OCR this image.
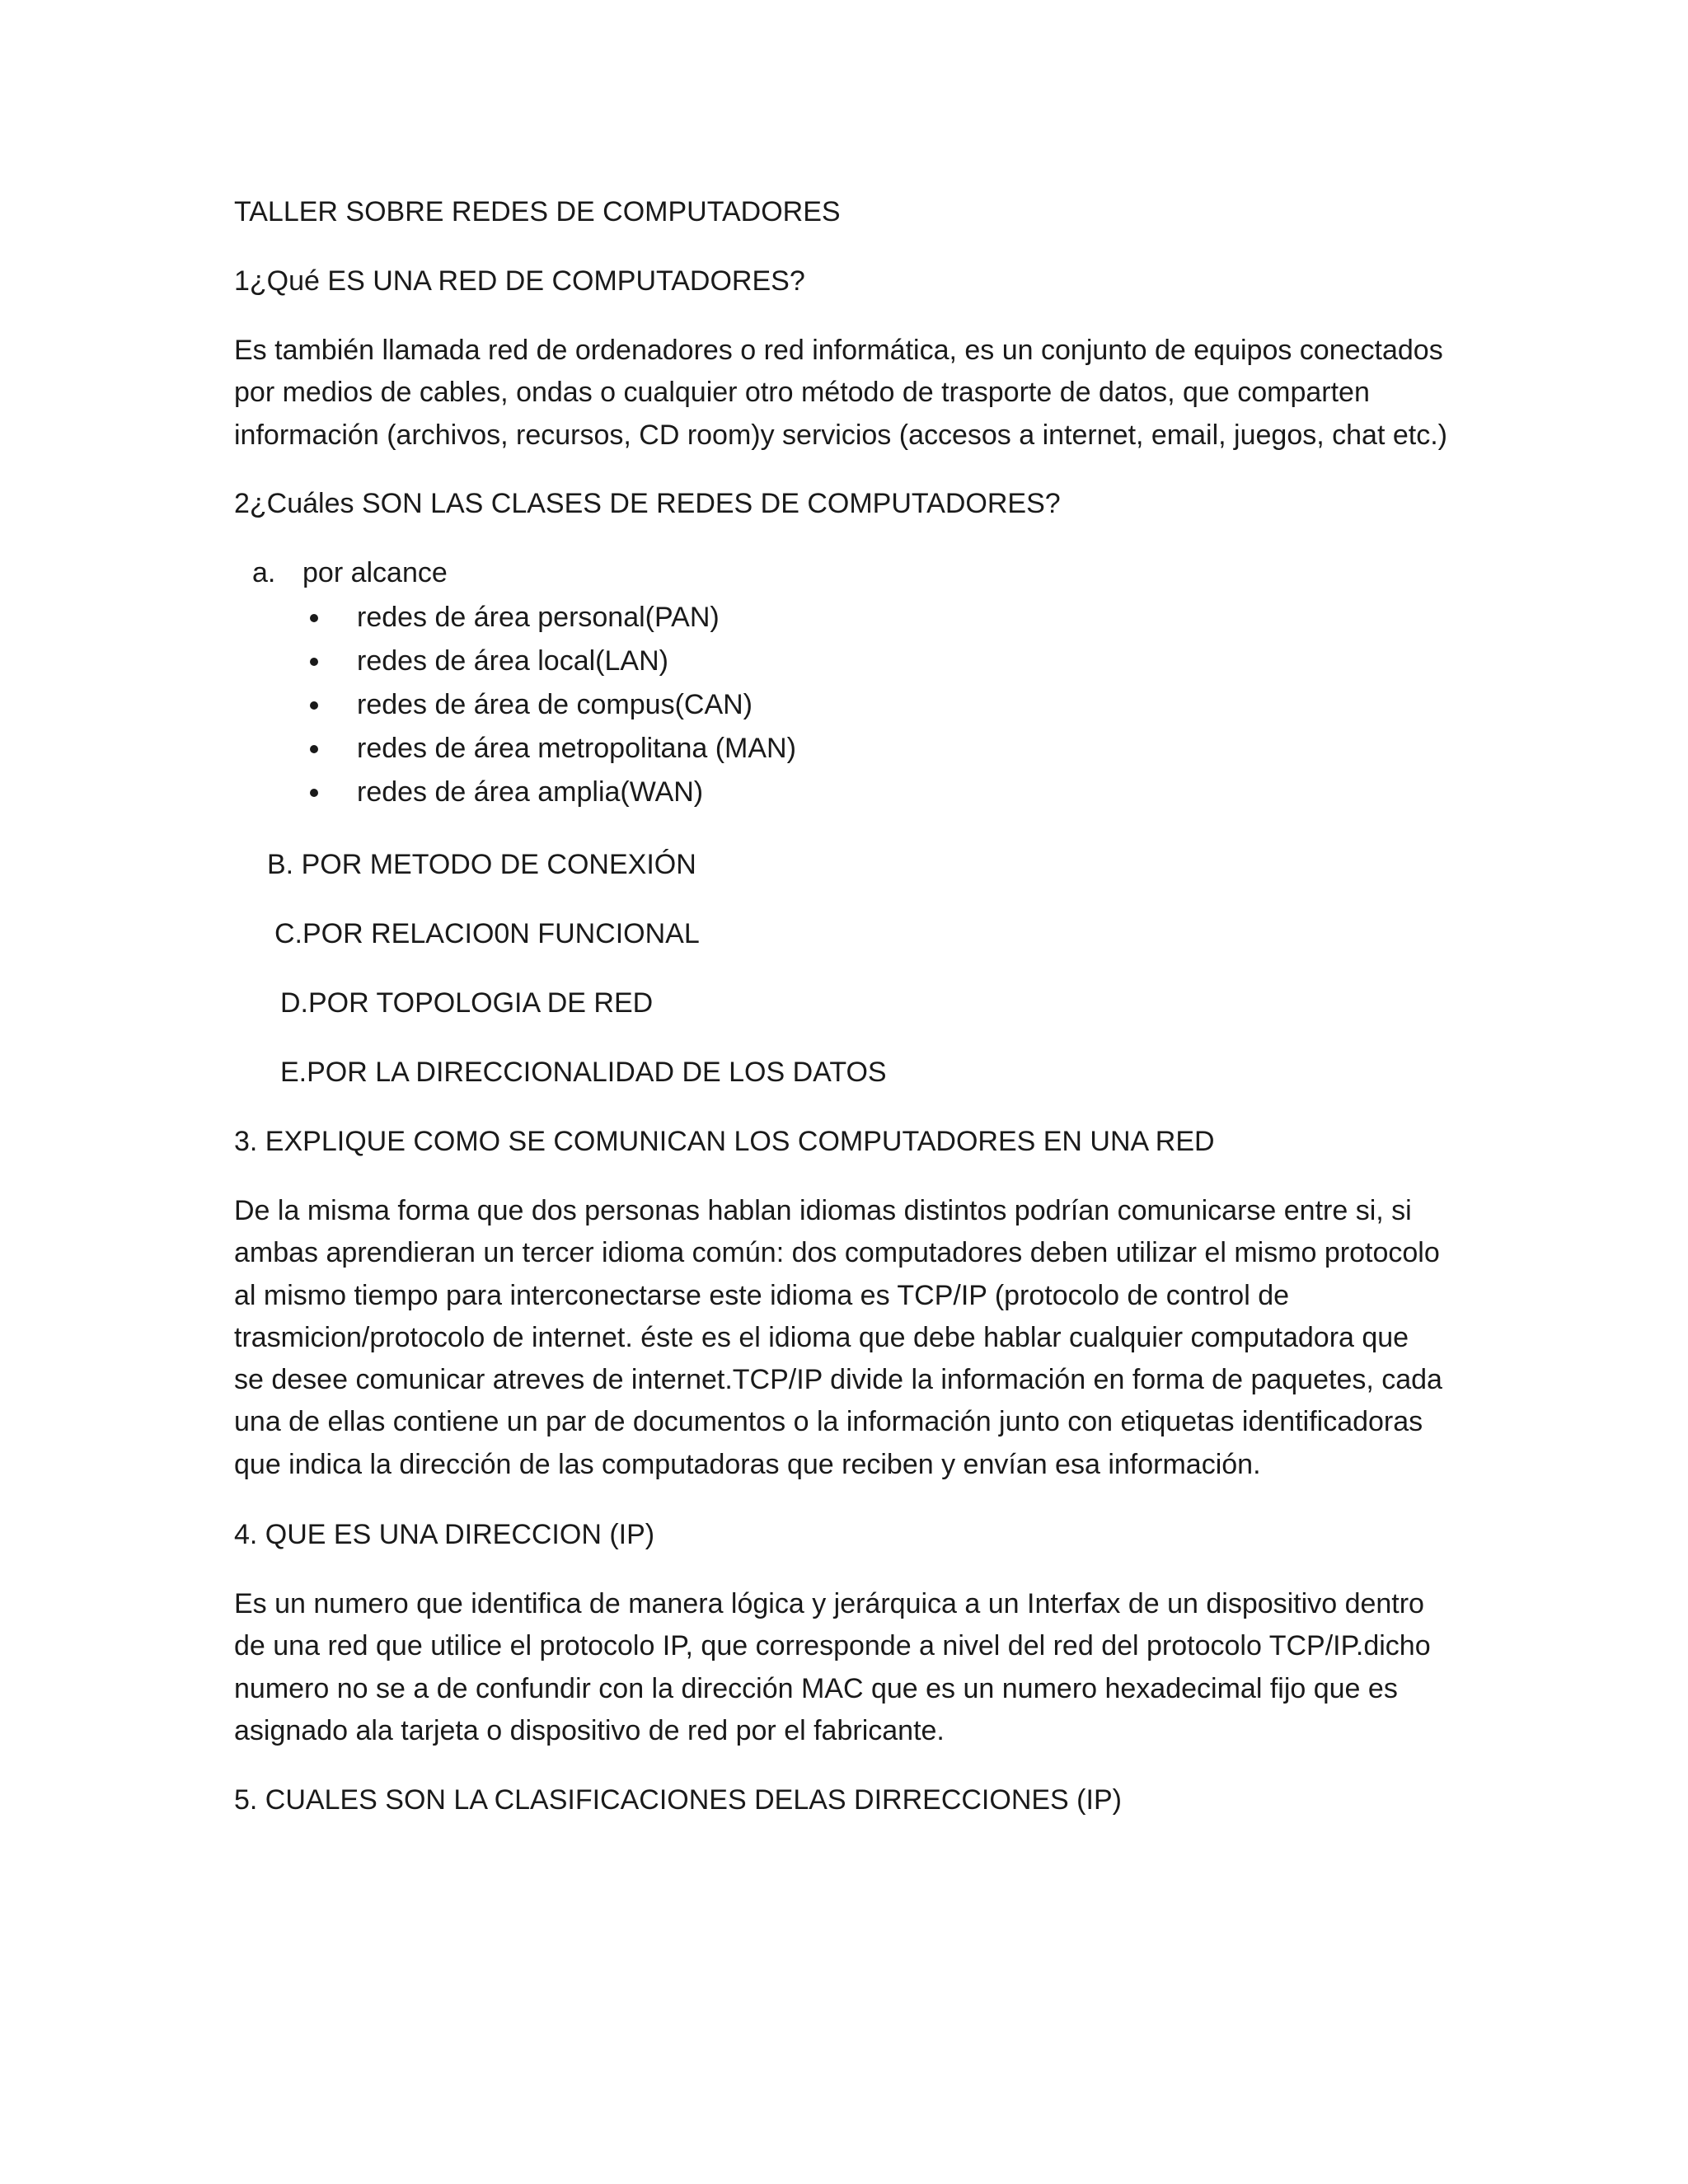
TALLER SOBRE REDES DE COMPUTADORES

1¿Qué ES UNA RED DE COMPUTADORES?

Es también llamada red de ordenadores o red informática, es un conjunto de equipos conectados
por medios de cables, ondas o cualquier otro método de trasporte de datos, que comparten
información (archivos, recursos, CD room)y servicios (accesos a internet, email, juegos, chat etc.)

2¿Cuáles SON LAS CLASES DE REDES DE COMPUTADORES?

a. por alcance
redes de área personal(PAN)
redes de área local(LAN)
redes de área de compus(CAN)
redes de área metropolitana (MAN)
redes de área amplia(WAN)

B. POR METODO DE CONEXIÓN

C.POR RELACIO0N FUNCIONAL

D.POR TOPOLOGIA DE RED

E.POR LA DIRECCIONALIDAD DE LOS DATOS

3. EXPLIQUE COMO SE COMUNICAN LOS COMPUTADORES EN UNA RED

De la misma forma que dos personas hablan idiomas distintos podrían comunicarse entre si, si
ambas aprendieran un tercer idioma común: dos computadores deben utilizar el mismo protocolo
al mismo tiempo para interconectarse este idioma es TCP/IP (protocolo de control de
trasmicion/protocolo de internet. éste es el idioma que debe hablar cualquier computadora que
se desee comunicar atreves de internet.TCP/IP divide la información en forma de paquetes, cada
una de ellas contiene un par de documentos o la información junto con etiquetas identificadoras
que indica la dirección de las computadoras que reciben y envían esa información.

4. QUE ES UNA DIRECCION (IP)

Es un numero que identifica de manera lógica y jerárquica a un Interfax de un dispositivo dentro
de una red que utilice el protocolo IP, que corresponde a nivel del red del protocolo TCP/IP.dicho
numero no se a de confundir con la dirección MAC que es un numero hexadecimal fijo que es
asignado ala tarjeta o dispositivo de red por el fabricante.

5. CUALES SON LA CLASIFICACIONES DELAS DIRRECCIONES (IP)
